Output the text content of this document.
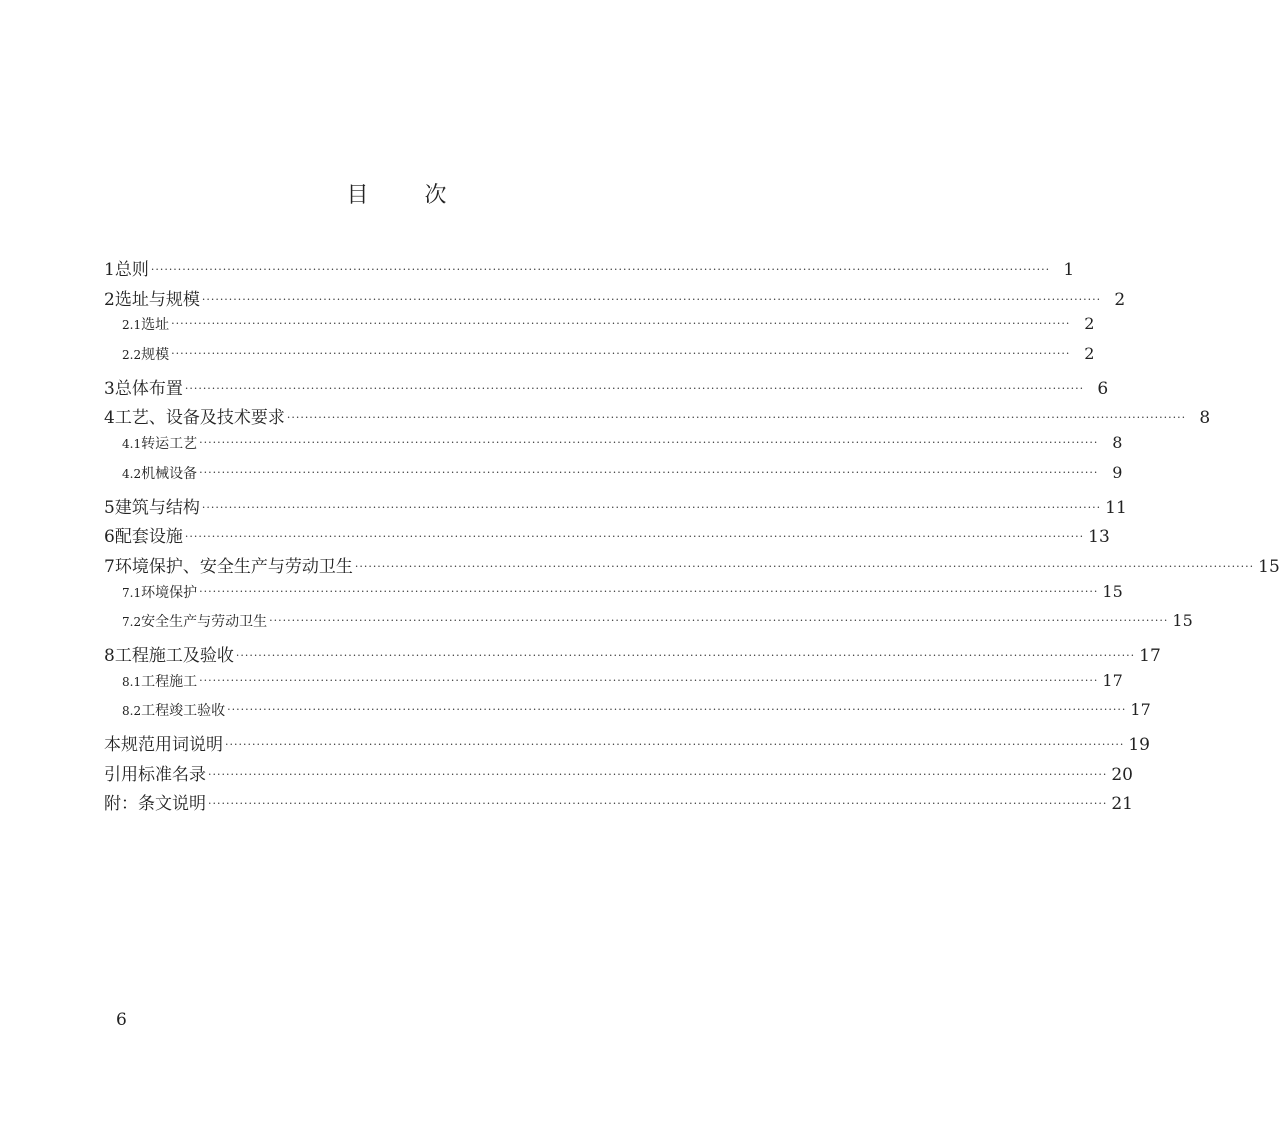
目	次
1 总则 ········································································································································································································ 1
2 选址与规模 ········································································································································································································ 2
2.1 选址 ········································································································································································································ 2
2.2 规模 ········································································································································································································ 2
3 总体布置 ········································································································································································································ 6
4 工艺、设备及技术要求 ········································································································································································································ 8
4.1 转运工艺 ········································································································································································································ 8
4.2 机械设备 ········································································································································································································ 9
5 建筑与结构 ········································································································································································································ 11
6 配套设施 ········································································································································································································ 13
7 环境保护、安全生产与劳动卫生 ········································································································································································································ 15
7.1 环境保护 ········································································································································································································ 15
7.2 安全生产与劳动卫生 ········································································································································································································ 15
8 工程施工及验收 ········································································································································································································ 17
8.1 工程施工 ········································································································································································································ 17
8.2 工程竣工验收 ········································································································································································································ 17
本规范用词说明 ········································································································································································································ 19
引用标准名录 ········································································································································································································ 20
附：条文说明 ········································································································································································································ 21
6
